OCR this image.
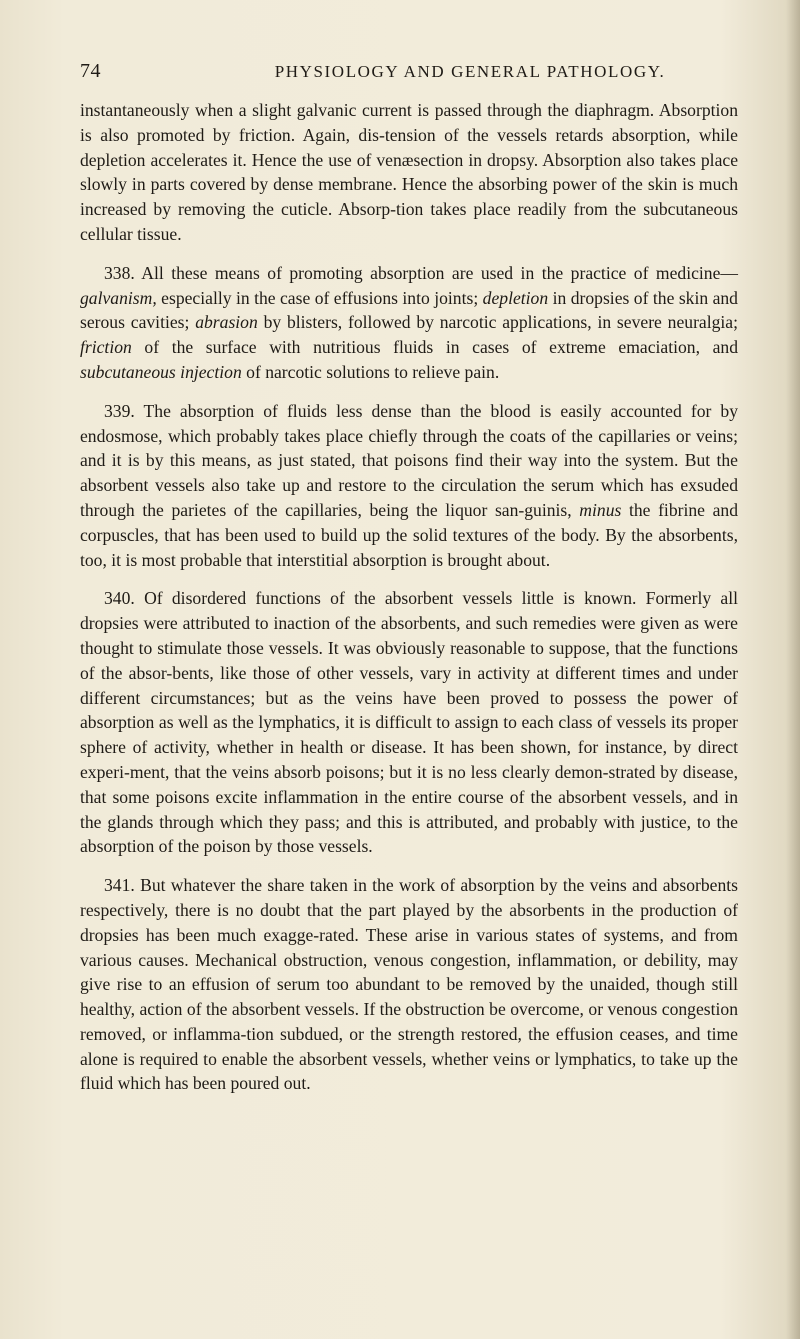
74	PHYSIOLOGY AND GENERAL PATHOLOGY.

instantaneously when a slight galvanic current is passed through the diaphragm. Absorption is also promoted by friction. Again, dis-tension of the vessels retards absorption, while depletion accelerates it. Hence the use of venæsection in dropsy. Absorption also takes place slowly in parts covered by dense membrane. Hence the absorbing power of the skin is much increased by removing the cuticle. Absorp-tion takes place readily from the subcutaneous cellular tissue.

338. All these means of promoting absorption are used in the practice of medicine—galvanism, especially in the case of effusions into joints; depletion in dropsies of the skin and serous cavities; abrasion by blisters, followed by narcotic applications, in severe neuralgia; friction of the surface with nutritious fluids in cases of extreme emaciation, and subcutaneous injection of narcotic solutions to relieve pain.

339. The absorption of fluids less dense than the blood is easily accounted for by endosmose, which probably takes place chiefly through the coats of the capillaries or veins; and it is by this means, as just stated, that poisons find their way into the system. But the absorbent vessels also take up and restore to the circulation the serum which has exsuded through the parietes of the capillaries, being the liquor san-guinis, minus the fibrine and corpuscles, that has been used to build up the solid textures of the body. By the absorbents, too, it is most probable that interstitial absorption is brought about.

340. Of disordered functions of the absorbent vessels little is known. Formerly all dropsies were attributed to inaction of the absorbents, and such remedies were given as were thought to stimulate those vessels. It was obviously reasonable to suppose, that the functions of the absor-bents, like those of other vessels, vary in activity at different times and under different circumstances; but as the veins have been proved to possess the power of absorption as well as the lymphatics, it is difficult to assign to each class of vessels its proper sphere of activity, whether in health or disease. It has been shown, for instance, by direct experi-ment, that the veins absorb poisons; but it is no less clearly demon-strated by disease, that some poisons excite inflammation in the entire course of the absorbent vessels, and in the glands through which they pass; and this is attributed, and probably with justice, to the absorption of the poison by those vessels.

341. But whatever the share taken in the work of absorption by the veins and absorbents respectively, there is no doubt that the part played by the absorbents in the production of dropsies has been much exagge-rated. These arise in various states of systems, and from various causes. Mechanical obstruction, venous congestion, inflammation, or debility, may give rise to an effusion of serum too abundant to be removed by the unaided, though still healthy, action of the absorbent vessels. If the obstruction be overcome, or venous congestion removed, or inflamma-tion subdued, or the strength restored, the effusion ceases, and time alone is required to enable the absorbent vessels, whether veins or lymphatics, to take up the fluid which has been poured out.
